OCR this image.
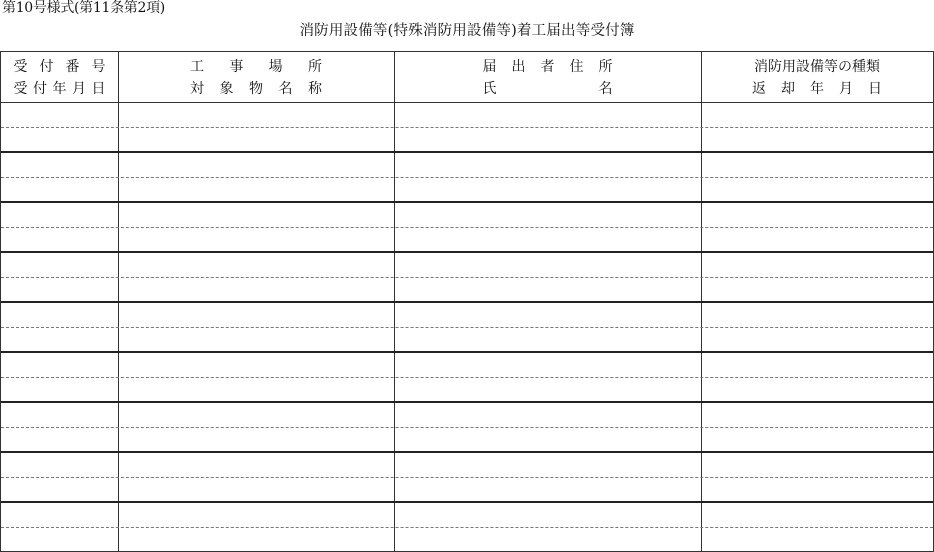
第10号様式(第11条第2項)
消防用設備等(特殊消防用設備等)着工届出等受付簿
受 付 番 号
受 付 年 月 日
工 事 場 所
対 象 物 名 称
届 出 者 住 所
氏	名
消防用設備等の種類
返 却 年 月 日
